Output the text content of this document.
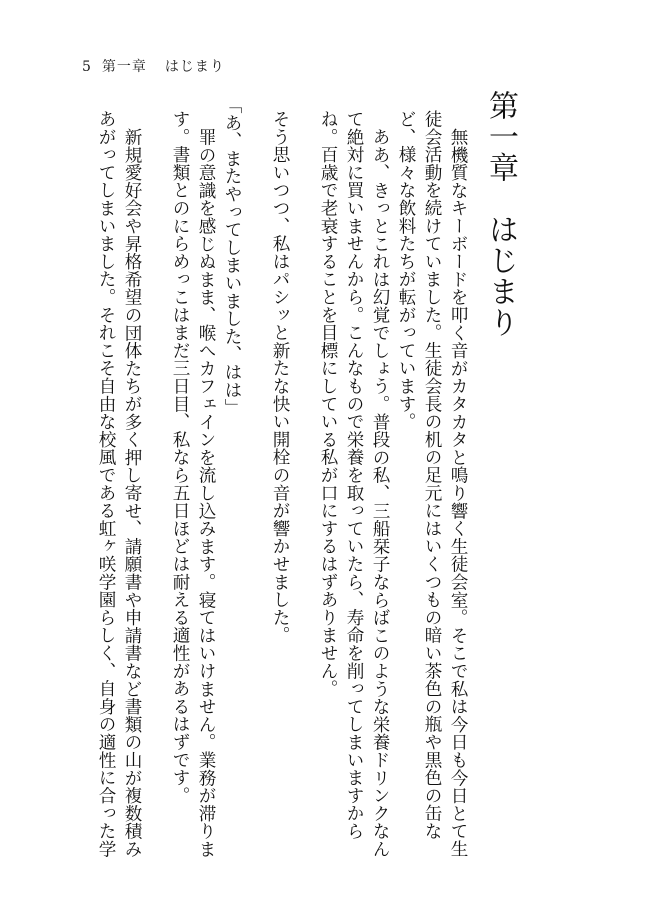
5 第一章 はじまり
第一章　はじまり
無機質なキーボードを叩く音がカタカタと鳴り響く生徒会室。そこで私は今日も今日とて生
徒会活動を続けていました。生徒会長の机の足元にはいくつもの暗い茶色の瓶や黒色の缶な
ど、様々な飲料たちが転がっています。
ああ、きっとこれは幻覚でしょう。普段の私、三船栞子ならばこのような栄養ドリンクなん
て絶対に買いませんから。こんなもので栄養を取っていたら、寿命を削ってしまいますから
ね。百歳で老衰することを目標にしている私が口にするはずありません。
そう思いつつ、私はパシッと新たな快い開栓の音が響かせました。
「あ、またやってしまいました、はは」
罪の意識を感じぬまま、喉へカフェインを流し込みます。寝てはいけません。業務が滞りま
す。書類とのにらめっこはまだ三日目、私なら五日ほどは耐える適性があるはずです。
新規愛好会や昇格希望の団体たちが多く押し寄せ、請願書や申請書など書類の山が複数積み
あがってしまいました。それこそ自由な校風である虹ヶ咲学園らしく、自身の適性に合った学
